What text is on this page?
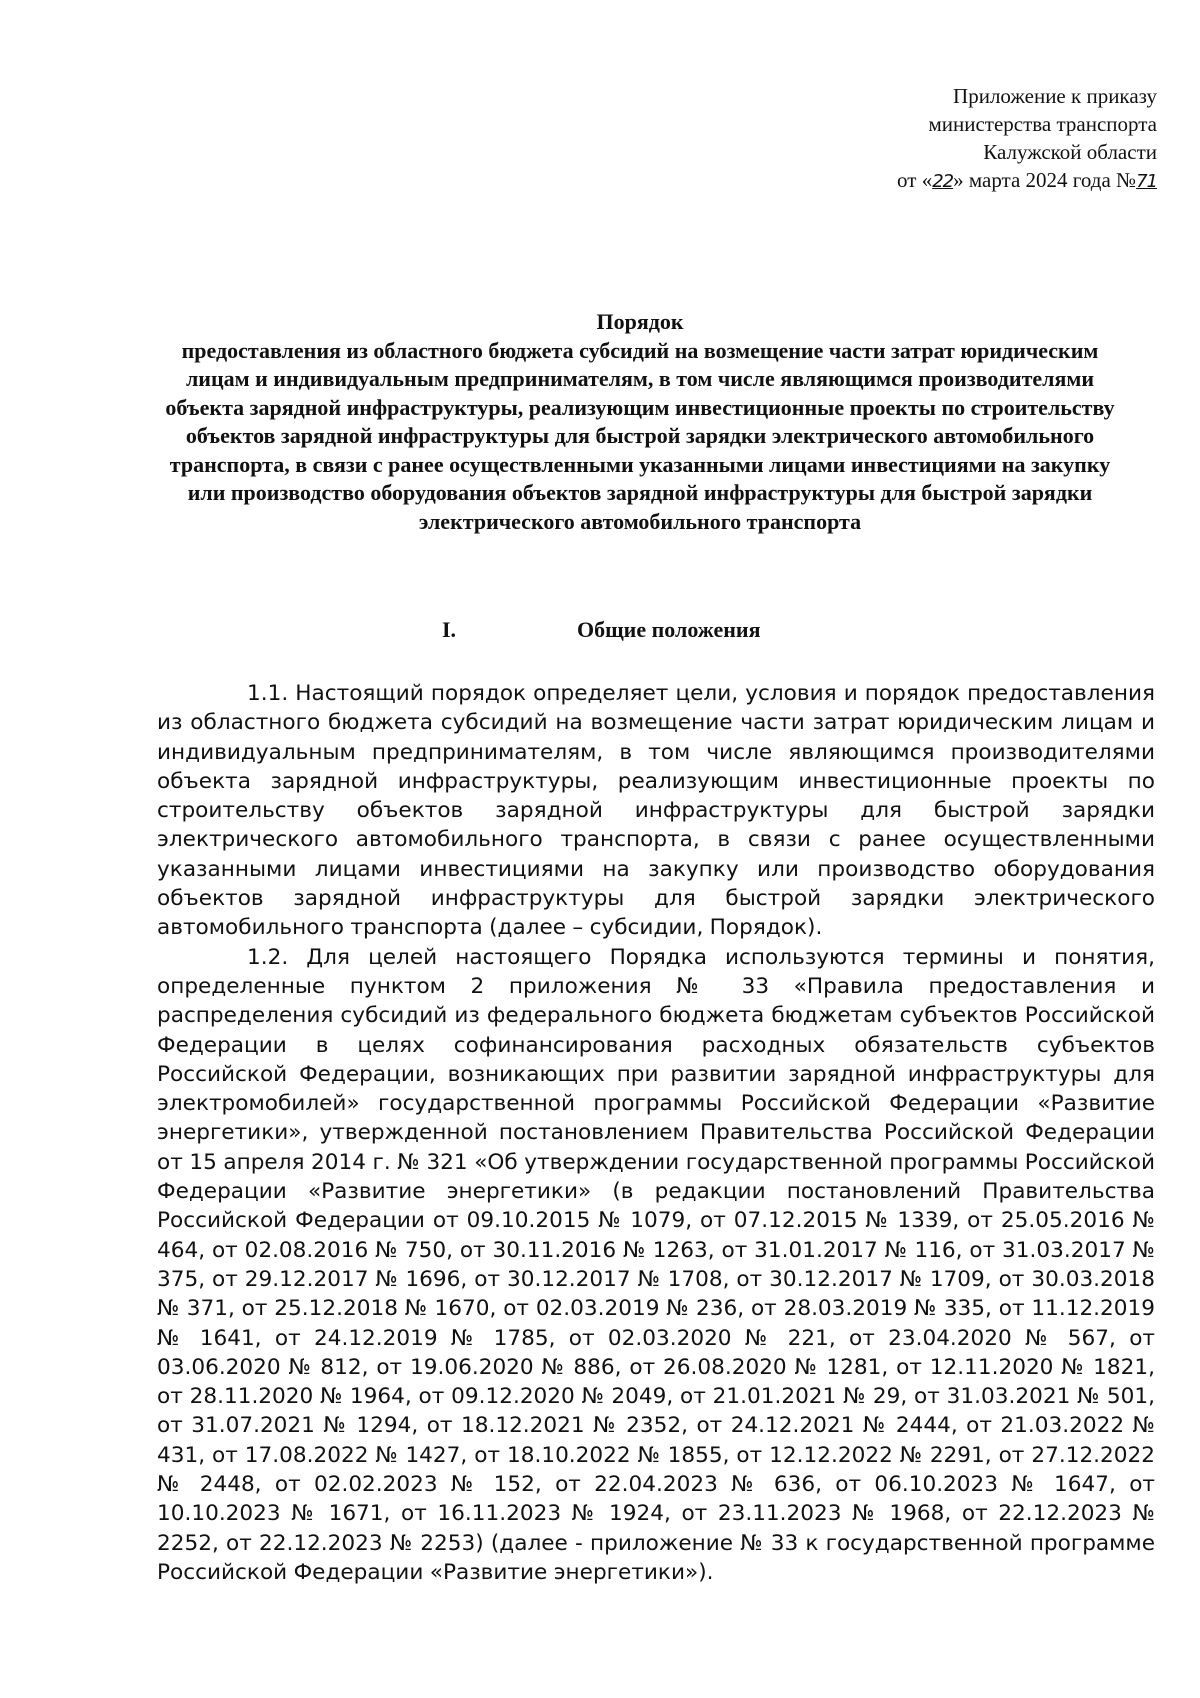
Приложение к приказу
министерства транспорта
Калужской области
от «22» марта 2024 года №71
Порядок
предоставления из областного бюджета субсидий на возмещение части затрат юридическим лицам и индивидуальным предпринимателям, в том числе являющимся производителями объекта зарядной инфраструктуры, реализующим инвестиционные проекты по строительству объектов зарядной инфраструктуры для быстрой зарядки электрического автомобильного транспорта, в связи с ранее осуществленными указанными лицами инвестициями на закупку или производство оборудования объектов зарядной инфраструктуры для быстрой зарядки электрического автомобильного транспорта
I.	Общие положения

1.1. Настоящий порядок определяет цели, условия и порядок предоставления из областного бюджета субсидий на возмещение части затрат юридическим лицам и индивидуальным предпринимателям, в том числе являющимся производителями объекта зарядной инфраструктуры, реализующим инвестиционные проекты по строительству объектов зарядной инфраструктуры для быстрой зарядки электрического автомобильного транспорта, в связи с ранее осуществленными указанными лицами инвестициями на закупку или производство оборудования объектов зарядной инфраструктуры для быстрой зарядки электрического автомобильного транспорта (далее – субсидии, Порядок).

1.2. Для целей настоящего Порядка используются термины и понятия, определенные пунктом 2 приложения № 33 «Правила предоставления и распределения субсидий из федерального бюджета бюджетам субъектов Российской Федерации в целях софинансирования расходных обязательств субъектов Российской Федерации, возникающих при развитии зарядной инфраструктуры для электромобилей» государственной программы Российской Федерации «Развитие энергетики», утвержденной постановлением Правительства Российской Федерации от 15 апреля 2014 г. № 321 «Об утверждении государственной программы Российской Федерации «Развитие энергетики» (в редакции постановлений Правительства Российской Федерации от 09.10.2015 № 1079, от 07.12.2015 № 1339, от 25.05.2016 № 464, от 02.08.2016 № 750, от 30.11.2016 № 1263, от 31.01.2017 № 116, от 31.03.2017 № 375, от 29.12.2017 № 1696, от 30.12.2017 № 1708, от 30.12.2017 № 1709, от 30.03.2018 № 371, от 25.12.2018 № 1670, от 02.03.2019 № 236, от 28.03.2019 № 335, от 11.12.2019 № 1641, от 24.12.2019 № 1785, от 02.03.2020 № 221, от 23.04.2020 № 567, от 03.06.2020 № 812, от 19.06.2020 № 886, от 26.08.2020 № 1281, от 12.11.2020 № 1821, от 28.11.2020 № 1964, от 09.12.2020 № 2049, от 21.01.2021 № 29, от 31.03.2021 № 501, от 31.07.2021 № 1294, от 18.12.2021 № 2352, от 24.12.2021 № 2444, от 21.03.2022 № 431, от 17.08.2022 № 1427, от 18.10.2022 № 1855, от 12.12.2022 № 2291, от 27.12.2022 № 2448, от 02.02.2023 № 152, от 22.04.2023 № 636, от 06.10.2023 № 1647, от 10.10.2023 № 1671, от 16.11.2023 № 1924, от 23.11.2023 № 1968, от 22.12.2023 № 2252, от 22.12.2023 № 2253) (далее - приложение № 33 к государственной программе Российской Федерации «Развитие энергетики»).
